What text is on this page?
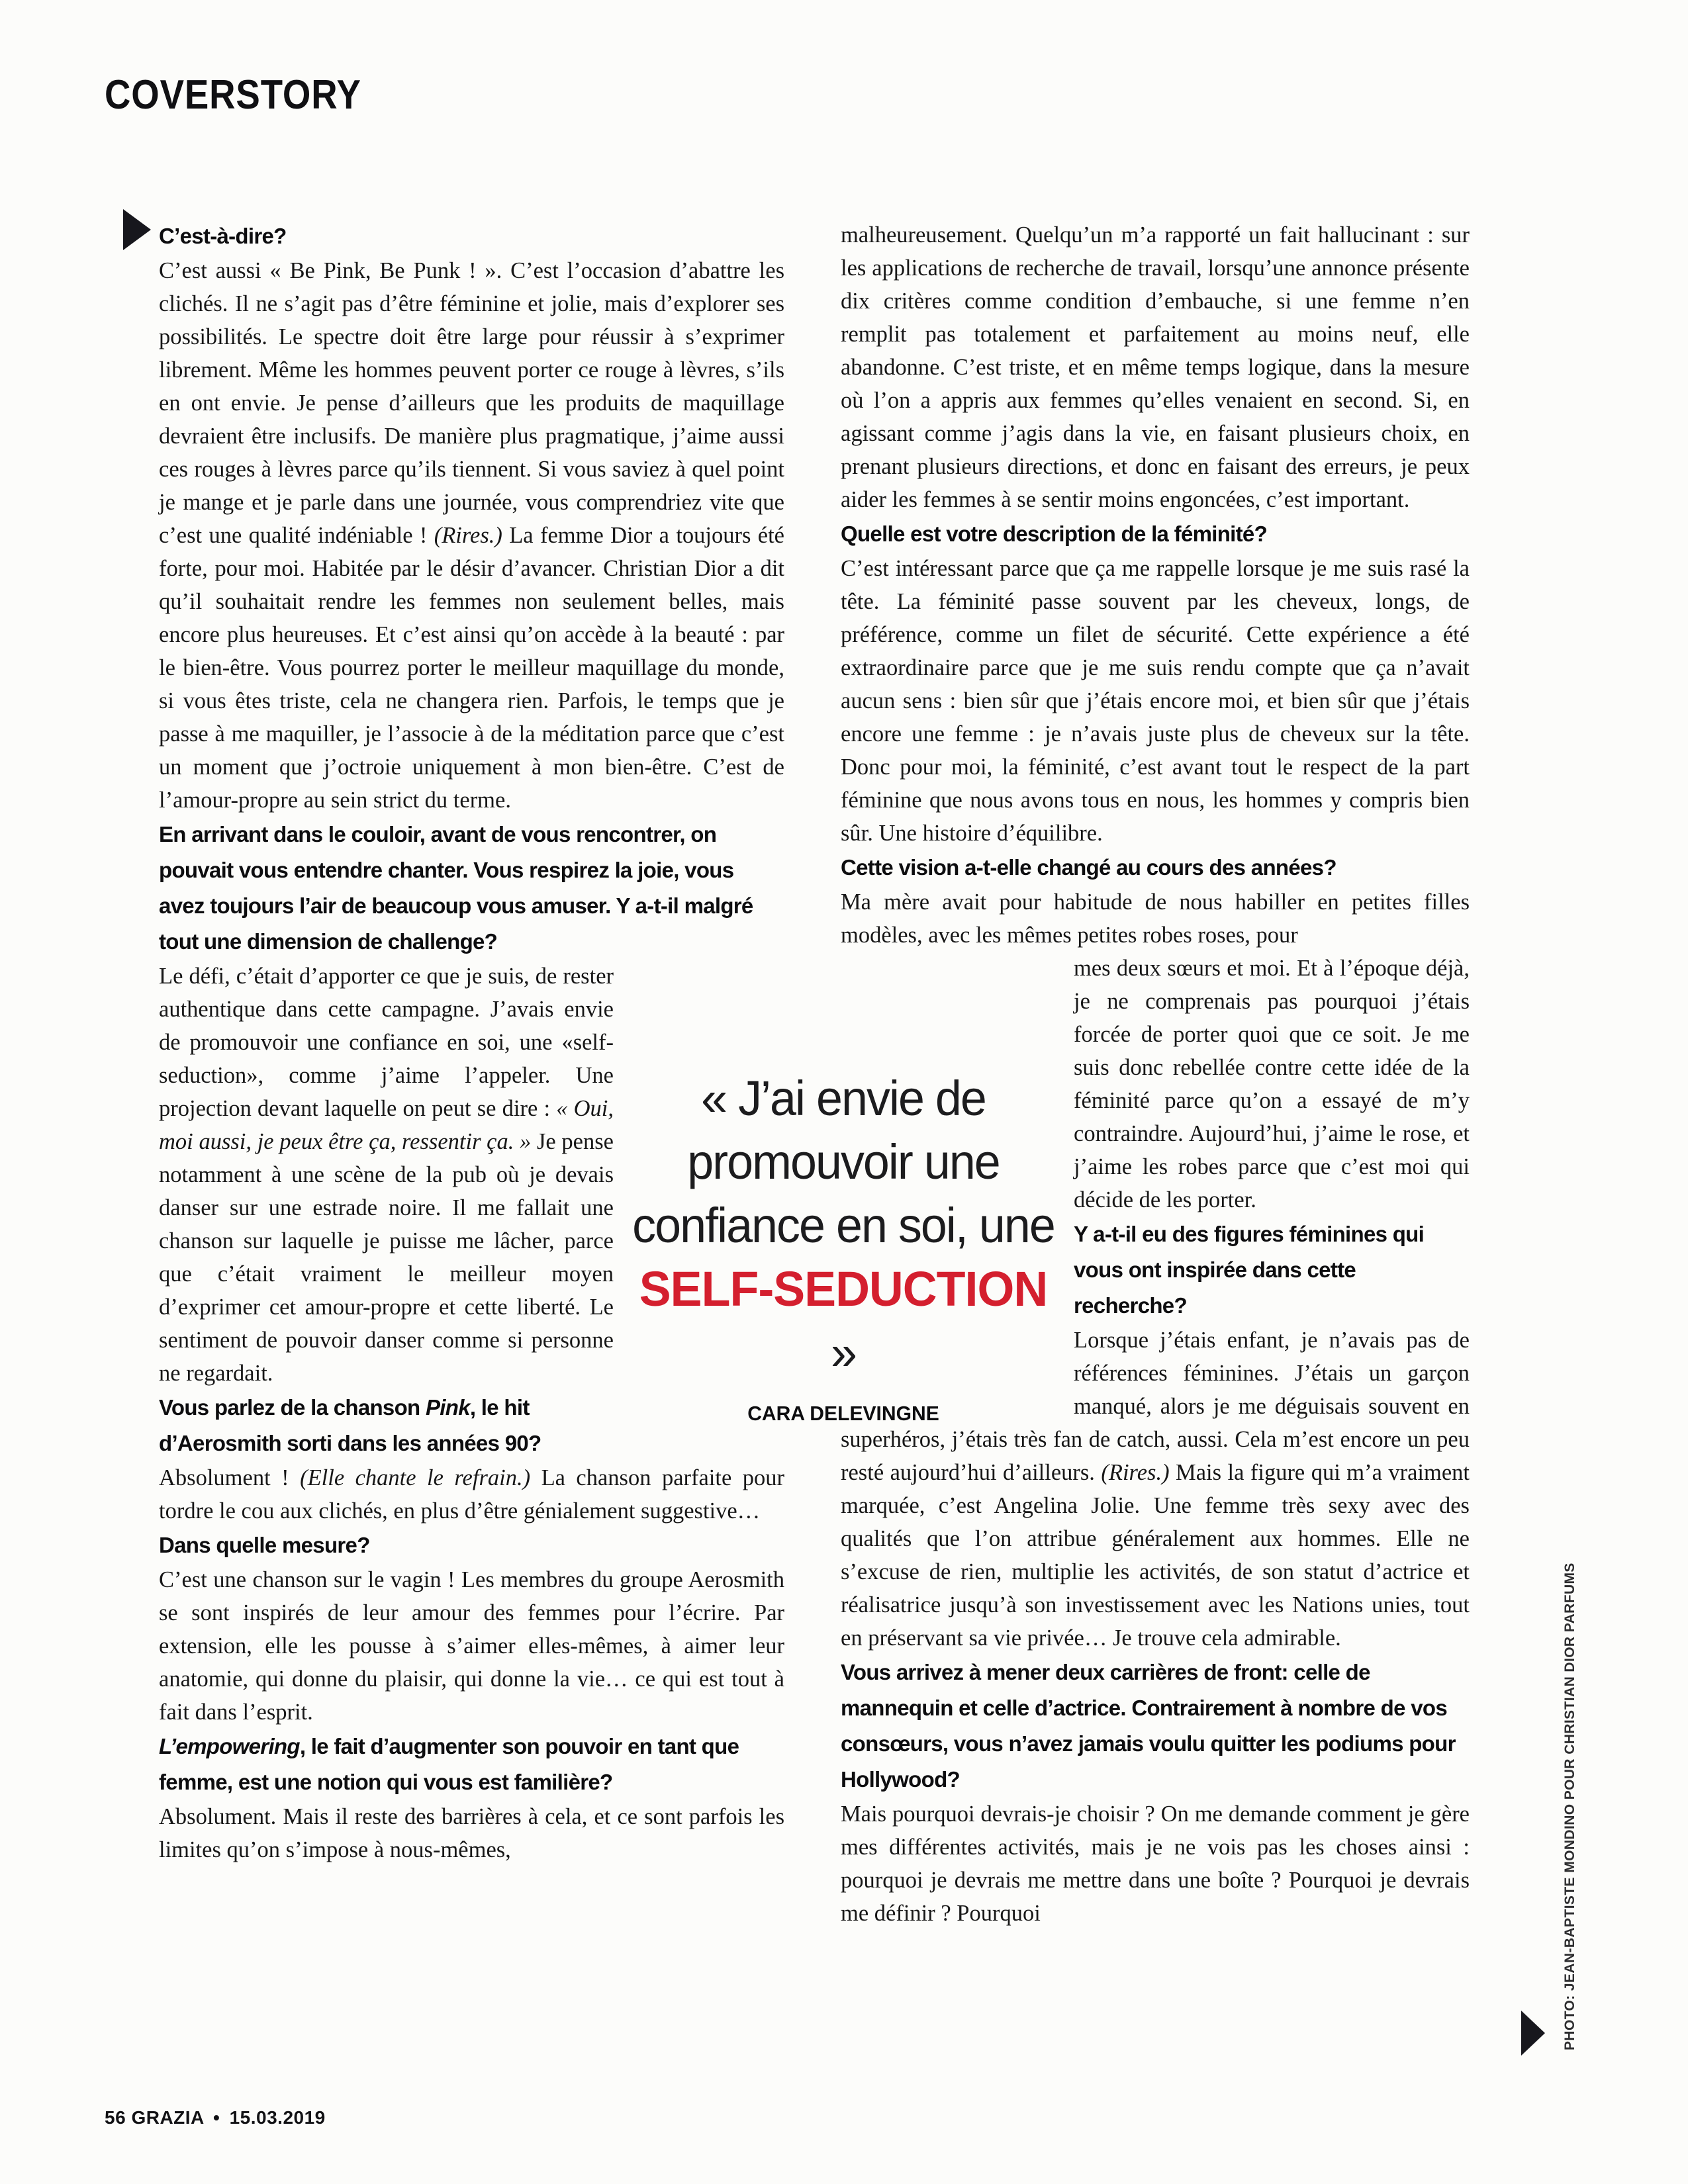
COVERSTORY
C’est-à-dire?

C’est aussi « Be Pink, Be Punk ! ». C’est l’occasion d’abattre les clichés. Il ne s’agit pas d’être féminine et jolie, mais d’explorer ses possibilités. Le spectre doit être large pour réussir à s’exprimer librement. Même les hommes peuvent porter ce rouge à lèvres, s’ils en ont envie. Je pense d’ailleurs que les produits de maquillage devraient être inclusifs. De manière plus pragmatique, j’aime aussi ces rouges à lèvres parce qu’ils tiennent. Si vous saviez à quel point je mange et je parle dans une journée, vous comprendriez vite que c’est une qualité indéniable ! (Rires.) La femme Dior a toujours été forte, pour moi. Habitée par le désir d’avancer. Christian Dior a dit qu’il souhaitait rendre les femmes non seulement belles, mais encore plus heureuses. Et c’est ainsi qu’on accède à la beauté : par le bien-être. Vous pourrez porter le meilleur maquillage du monde, si vous êtes triste, cela ne changera rien. Parfois, le temps que je passe à me maquiller, je l’associe à de la méditation parce que c’est un moment que j’octroie uniquement à mon bien-être. C’est de l’amour-propre au sein strict du terme.

En arrivant dans le couloir, avant de vous rencontrer, on pouvait vous entendre chanter. Vous respirez la joie, vous avez toujours l’air de beaucoup vous amuser. Y a-t-il malgré tout une dimension de challenge?

Le défi, c’était d’apporter ce que je suis, de rester authentique dans cette campagne. J’avais envie de promouvoir une confiance en soi, une «self-seduction», comme j’aime l’appeler. Une projection devant laquelle on peut se dire : « Oui, moi aussi, je peux être ça, ressentir ça. » Je pense notamment à une scène de la pub où je devais danser sur une estrade noire. Il me fallait une chanson sur laquelle je puisse me lâcher, parce que c’était vraiment le meilleur moyen d’exprimer cet amour-propre et cette liberté. Le sentiment de pouvoir danser comme si personne ne regardait.

Vous parlez de la chanson Pink, le hit d’Aerosmith sorti dans les années 90?

Absolument ! (Elle chante le refrain.) La chanson parfaite pour tordre le cou aux clichés, en plus d’être génialement suggestive…

Dans quelle mesure?

C’est une chanson sur le vagin ! Les membres du groupe Aerosmith se sont inspirés de leur amour des femmes pour l’écrire. Par extension, elle les pousse à s’aimer elles-mêmes, à aimer leur anatomie, qui donne du plaisir, qui donne la vie… ce qui est tout à fait dans l’esprit.

L’empowering, le fait d’augmenter son pouvoir en tant que femme, est une notion qui vous est familière?

Absolument. Mais il reste des barrières à cela, et ce sont parfois les limites qu’on s’impose à nous-mêmes,

malheureusement. Quelqu’un m’a rapporté un fait hallucinant : sur les applications de recherche de travail, lorsqu’une annonce présente dix critères comme condition d’embauche, si une femme n’en remplit pas totalement et parfaitement au moins neuf, elle abandonne. C’est triste, et en même temps logique, dans la mesure où l’on a appris aux femmes qu’elles venaient en second. Si, en agissant comme j’agis dans la vie, en faisant plusieurs choix, en prenant plusieurs directions, et donc en faisant des erreurs, je peux aider les femmes à se sentir moins engoncées, c’est important.

Quelle est votre description de la féminité?

C’est intéressant parce que ça me rappelle lorsque je me suis rasé la tête. La féminité passe souvent par les cheveux, longs, de préférence, comme un filet de sécurité. Cette expérience a été extraordinaire parce que je me suis rendu compte que ça n’avait aucun sens : bien sûr que j’étais encore moi, et bien sûr que j’étais encore une femme : je n’avais juste plus de cheveux sur la tête. Donc pour moi, la féminité, c’est avant tout le respect de la part féminine que nous avons tous en nous, les hommes y compris bien sûr. Une histoire d’équilibre.

Cette vision a-t-elle changé au cours des années?

Ma mère avait pour habitude de nous habiller en petites filles modèles, avec les mêmes petites robes roses, pour

mes deux sœurs et moi. Et à l’époque déjà, je ne comprenais pas pourquoi j’étais forcée de porter quoi que ce soit. Je me suis donc rebellée contre cette idée de la féminité parce qu’on a essayé de m’y contraindre. Aujourd’hui, j’aime le rose, et j’aime les robes parce que c’est moi qui décide de les porter.

Y a-t-il eu des figures féminines qui vous ont inspirée dans cette recherche?

Lorsque j’étais enfant, je n’avais pas de références féminines. J’étais un garçon manqué, alors je me déguisais souvent en superhéros, j’étais très fan de catch, aussi. Cela m’est encore un peu resté aujourd’hui d’ailleurs. (Rires.) Mais la figure qui m’a vraiment marquée, c’est Angelina Jolie. Une femme très sexy avec des qualités que l’on attribue généralement aux hommes. Elle ne s’excuse de rien, multiplie les activités, de son statut d’actrice et réalisatrice jusqu’à son investissement avec les Nations unies, tout en préservant sa vie privée… Je trouve cela admirable.

Vous arrivez à mener deux carrières de front: celle de mannequin et celle d’actrice. Contrairement à nombre de vos consœurs, vous n’avez jamais voulu quitter les podiums pour Hollywood?

Mais pourquoi devrais-je choisir ? On me demande comment je gère mes différentes activités, mais je ne vois pas les choses ainsi : pourquoi je devrais me mettre dans une boîte ? Pourquoi je devrais me définir ? Pourquoi

« J’ai envie de promouvoir une confiance en soi, une SELF-SEDUCTION »
CARA DELEVINGNE
PHOTO: JEAN-BAPTISTE MONDINO POUR CHRISTIAN DIOR PARFUMS
56 GRAZIA • 15.03.2019
